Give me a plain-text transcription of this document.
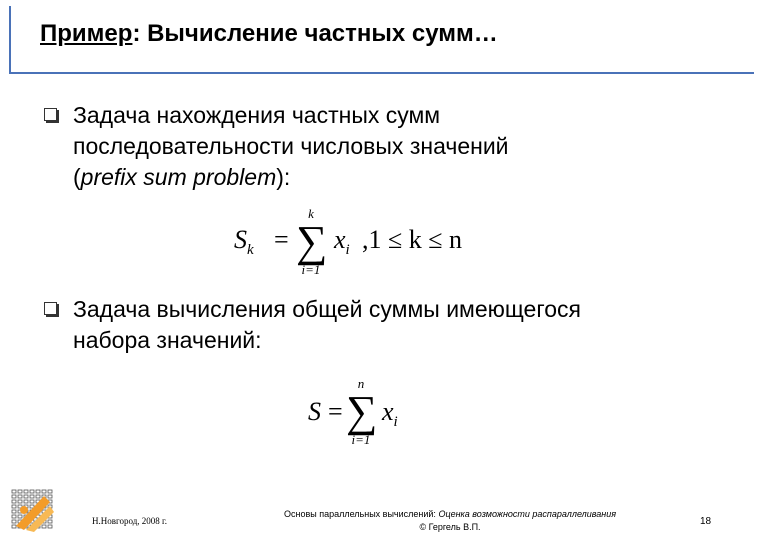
Пример: Вычисление частных сумм…
Задача нахождения частных сумм
последовательности числовых значений
(prefix sum problem):
$S_k$ =
k
∑
i=1
$x_i$ ,1 ≤ k ≤ n
Задача вычисления общей суммы имеющегося
набора значений:
S =
n
∑
i=1
$x_i$
Н.Новгород, 2008 г.
Основы параллельных вычислений: Оценка возможности распараллеливания
© Гергель В.П.	18
